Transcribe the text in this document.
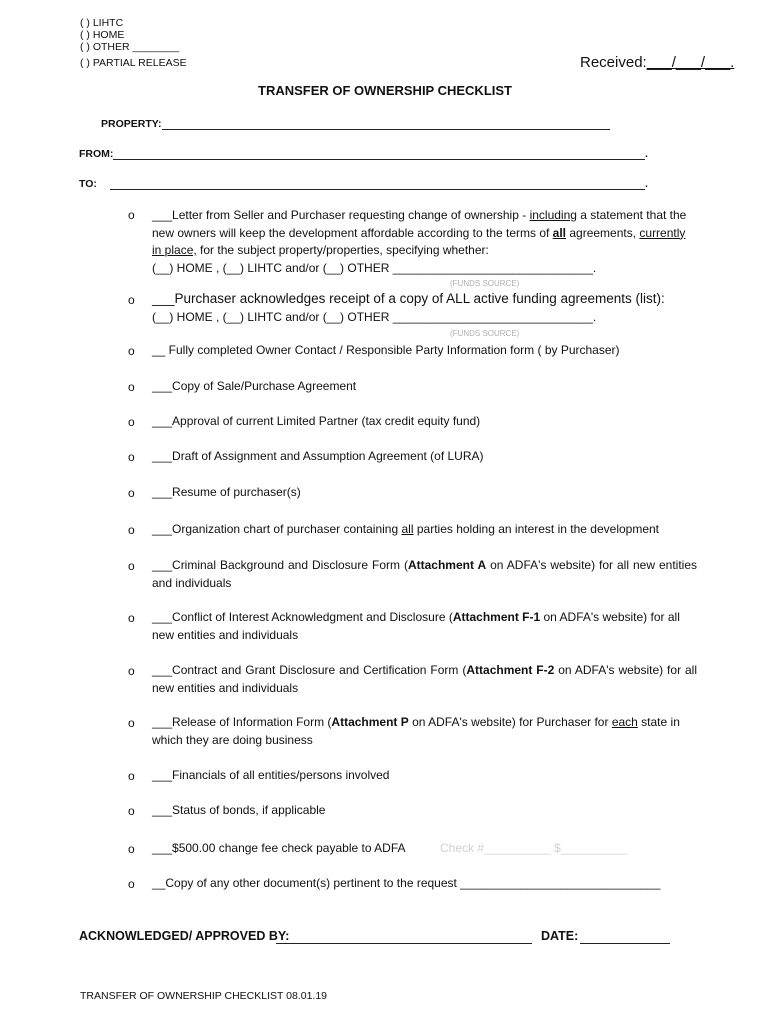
( ) LIHTC
( ) HOME
( ) OTHER ________
( ) PARTIAL RELEASE	Received:___/___/___.
TRANSFER OF OWNERSHIP CHECKLIST
PROPERTY:
FROM:	.
TO:	.
o ___Letter from Seller and Purchaser requesting change of ownership - including a statement that the new owners will keep the development affordable according to the terms of all agreements, currently in place, for the subject property/properties, specifying whether:
(__) HOME , (__) LIHTC and/or (__) OTHER ______________________________.
(FUNDS SOURCE)
o ___Purchaser acknowledges receipt of a copy of ALL active funding agreements (list):
(__) HOME , (__) LIHTC and/or (__) OTHER ______________________________.
(FUNDS SOURCE)
o __ Fully completed Owner Contact / Responsible Party Information form ( by Purchaser)
o ___Copy of Sale/Purchase Agreement
o ___Approval of current Limited Partner (tax credit equity fund)
o ___Draft of Assignment and Assumption Agreement (of LURA)
o ___Resume of purchaser(s)
o ___Organization chart of purchaser containing all parties holding an interest in the development
o ___Criminal Background and Disclosure Form (Attachment A on ADFA's website) for all new entities and individuals
o ___Conflict of Interest Acknowledgment and Disclosure (Attachment F-1 on ADFA's website) for all new entities and individuals
o ___Contract and Grant Disclosure and Certification Form (Attachment F-2 on ADFA's website) for all new entities and individuals
o ___Release of Information Form (Attachment P on ADFA's website) for Purchaser for each state in which they are doing business
o ___Financials of all entities/persons involved
o ___Status of bonds, if applicable
o ___$500.00 change fee check payable to ADFA	Check #__________ $__________
o __Copy of any other document(s) pertinent to the request ______________________________
ACKNOWLEDGED/ APPROVED BY:	DATE:
TRANSFER OF OWNERSHIP CHECKLIST 08.01.19
